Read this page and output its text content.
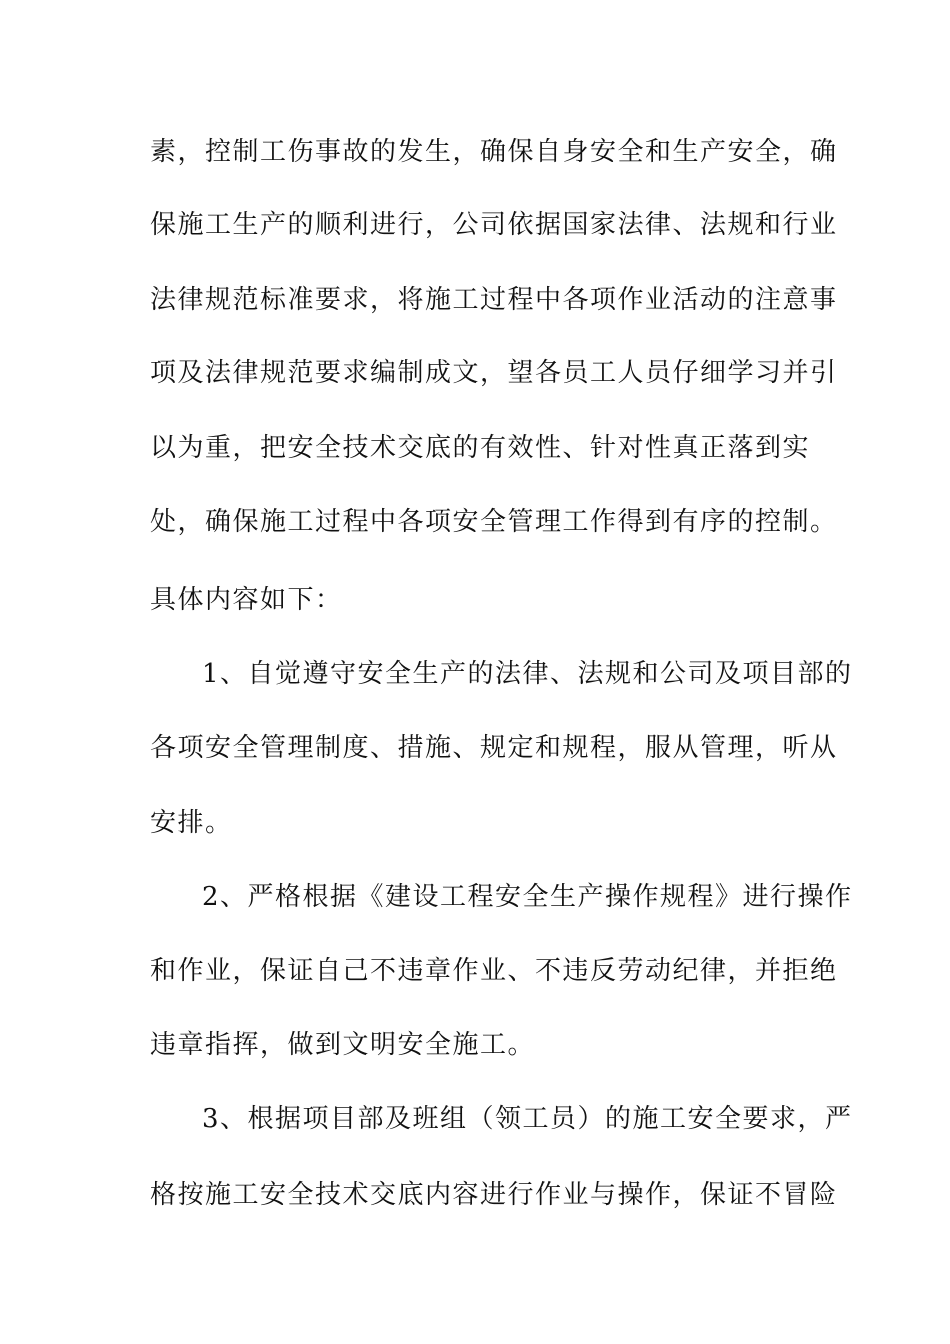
素，控制工伤事故的发生，确保自身安全和生产安全，确
保施工生产的顺利进行，公司依据国家法律、法规和行业
法律规范标准要求，将施工过程中各项作业活动的注意事
项及法律规范要求编制成文，望各员工人员仔细学习并引
以为重，把安全技术交底的有效性、针对性真正落到实
处，确保施工过程中各项安全管理工作得到有序的控制。
具体内容如下：
1、自觉遵守安全生产的法律、法规和公司及项目部的
各项安全管理制度、措施、规定和规程，服从管理，听从
安排。
2、严格根据《建设工程安全生产操作规程》进行操作
和作业，保证自己不违章作业、不违反劳动纪律，并拒绝
违章指挥，做到文明安全施工。
3、根据项目部及班组（领工员）的施工安全要求，严
格按施工安全技术交底内容进行作业与操作，保证不冒险
